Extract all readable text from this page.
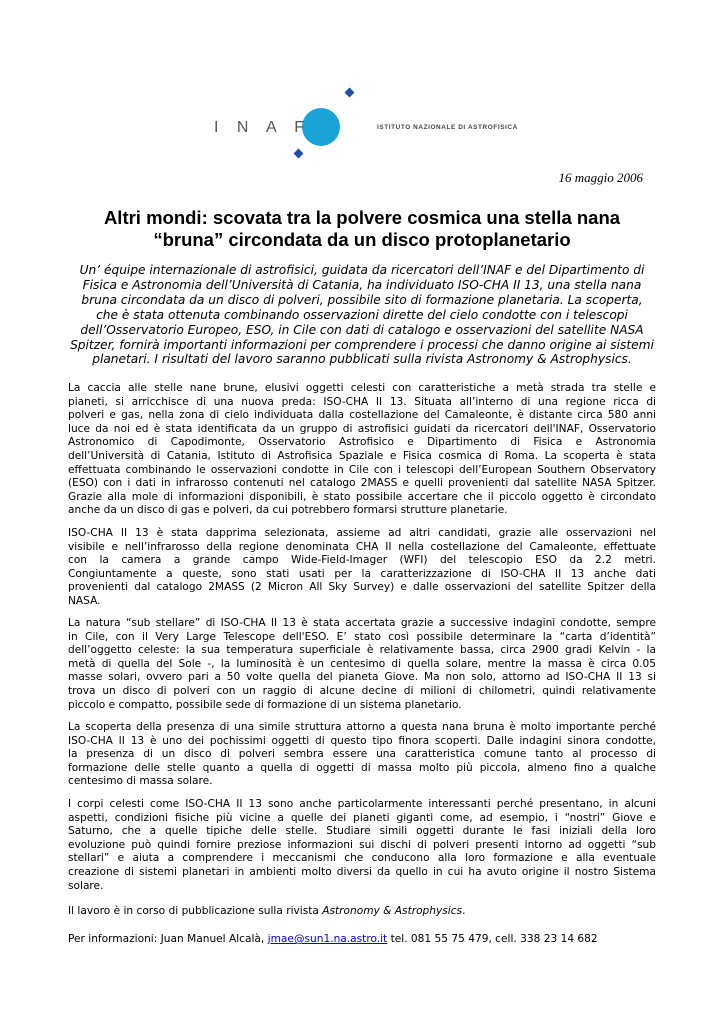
I N A F	ISTITUTO NAZIONALE DI ASTROFISICA
16 maggio 2006
Altri mondi: scovata tra la polvere cosmica una stella nana
“bruna” circondata da un disco protoplanetario
Un’ équipe internazionale di astrofisici, guidata da ricercatori dell’INAF e del Dipartimento di
Fisica e Astronomia dell’Università di Catania, ha individuato ISO-CHA II 13, una stella nana
bruna circondata da un disco di polveri, possibile sito di formazione planetaria. La scoperta,
che è stata ottenuta combinando osservazioni dirette del cielo condotte con i telescopi
dell’Osservatorio Europeo, ESO, in Cile con dati di catalogo e osservazioni del satellite NASA
Spitzer, fornirà importanti informazioni per comprendere i processi che danno origine ai sistemi
planetari. I risultati del lavoro saranno pubblicati sulla rivista Astronomy & Astrophysics.
La caccia alle stelle nane brune, elusivi oggetti celesti con caratteristiche a metà strada tra stelle e
pianeti, si arricchisce di una nuova preda: ISO-CHA II 13. Situata all’interno di una regione ricca di
polveri e gas, nella zona di cielo individuata dalla costellazione del Camaleonte, è distante circa 580 anni
luce da noi ed è stata identificata da un gruppo di astrofisici guidati da ricercatori dell'INAF, Osservatorio
Astronomico di Capodimonte, Osservatorio Astrofisico e Dipartimento di Fisica e Astronomia
dell’Università di Catania, Istituto di Astrofisica Spaziale e Fisica cosmica di Roma. La scoperta è stata
effettuata combinando le osservazioni condotte in Cile con i telescopi dell’European Southern Observatory
(ESO) con i dati in infrarosso contenuti nel catalogo 2MASS e quelli provenienti dal satellite NASA Spitzer.
Grazie alla mole di informazioni disponibili, è stato possibile accertare che il piccolo oggetto è circondato
anche da un disco di gas e polveri, da cui potrebbero formarsi strutture planetarie.
ISO-CHA II 13 è stata dapprima selezionata, assieme ad altri candidati, grazie alle osservazioni nel
visibile e nell’infrarosso della regione denominata CHA II nella costellazione del Camaleonte, effettuate
con la camera a grande campo Wide-Field-Imager (WFI) del telescopio ESO da 2.2 metri.
Congiuntamente a queste, sono stati usati per la caratterizzazione di ISO-CHA II 13 anche dati
provenienti dal catalogo 2MASS (2 Micron All Sky Survey) e dalle osservazioni del satellite Spitzer della
NASA.
La natura “sub stellare” di ISO-CHA II 13 è stata accertata grazie a successive indagini condotte, sempre
in Cile, con il Very Large Telescope dell'ESO. E’ stato così possibile determinare la “carta d’identità”
dell’oggetto celeste: la sua temperatura superficiale è relativamente bassa, circa 2900 gradi Kelvin - la
metà di quella del Sole -, la luminosità è un centesimo di quella solare, mentre la massa è circa 0.05
masse solari, ovvero pari a 50 volte quella del pianeta Giove. Ma non solo, attorno ad ISO-CHA II 13 si
trova un disco di polveri con un raggio di alcune decine di milioni di chilometri, quindi relativamente
piccolo e compatto, possibile sede di formazione di un sistema planetario.
La scoperta della presenza di una simile struttura attorno a questa nana bruna è molto importante perché
ISO-CHA II 13 è uno dei pochissimi oggetti di questo tipo finora scoperti. Dalle indagini sinora condotte,
la presenza di un disco di polveri sembra essere una caratteristica comune tanto al processo di
formazione delle stelle quanto a quella di oggetti di massa molto più piccola, almeno fino a qualche
centesimo di massa solare.
I corpi celesti come ISO-CHA II 13 sono anche particolarmente interessanti perché presentano, in alcuni
aspetti, condizioni fisiche più vicine a quelle dei pianeti giganti come, ad esempio, i “nostri” Giove e
Saturno, che a quelle tipiche delle stelle. Studiare simili oggetti durante le fasi iniziali della loro
evoluzione può quindi fornire preziose informazioni sui dischi di polveri presenti intorno ad oggetti “sub
stellari” e aiuta a comprendere i meccanismi che conducono alla loro formazione e alla eventuale
creazione di sistemi planetari in ambienti molto diversi da quello in cui ha avuto origine il nostro Sistema
solare.
Il lavoro è in corso di pubblicazione sulla rivista Astronomy & Astrophysics.
Per informazioni: Juan Manuel Alcalà, jmae@sun1.na.astro.it tel. 081 55 75 479, cell. 338 23 14 682
